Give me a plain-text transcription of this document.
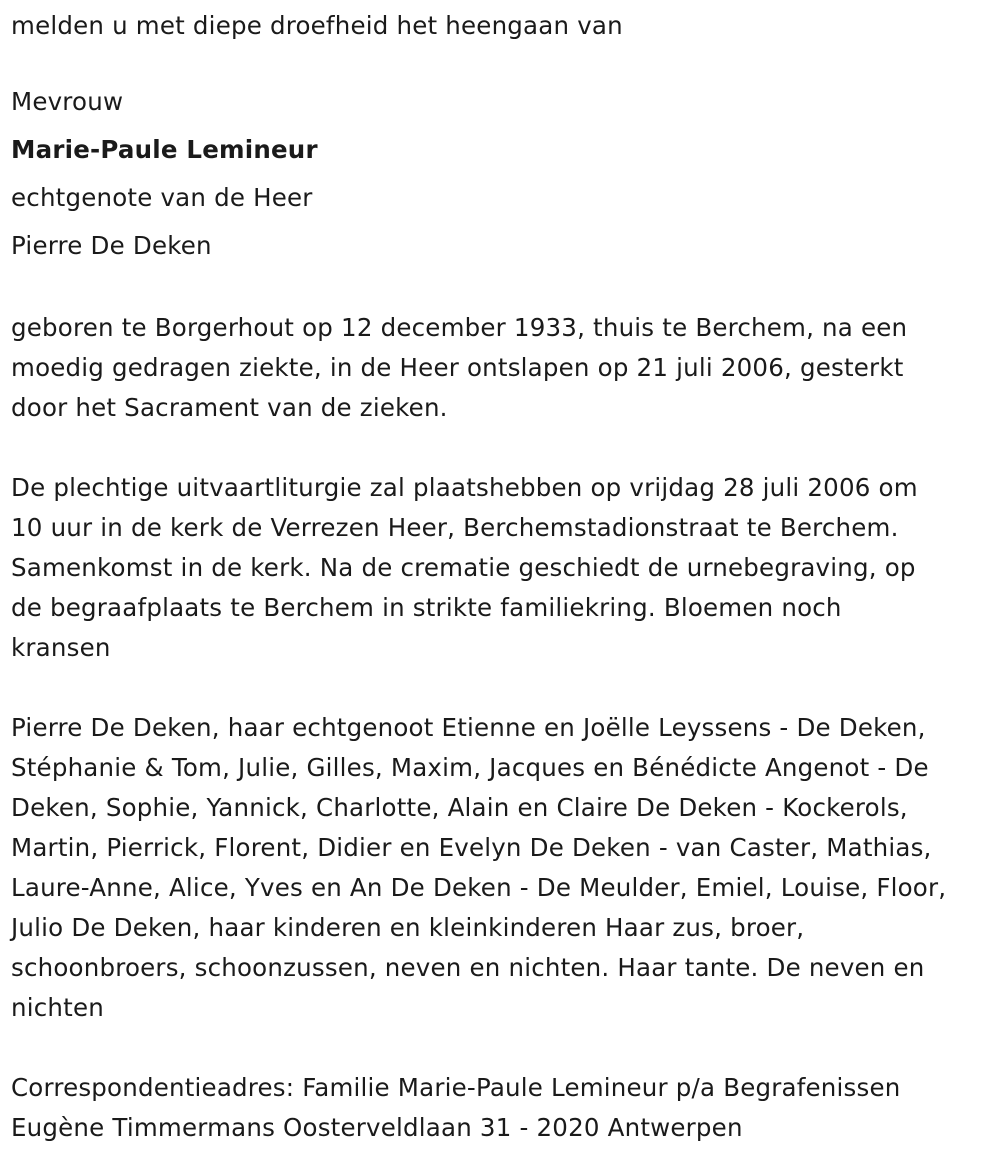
melden u met diepe droefheid het heengaan van
Mevrouw
Marie-Paule Lemineur
echtgenote van de Heer
Pierre De Deken
geboren te Borgerhout op 12 december 1933, thuis te Berchem, na een
moedig gedragen ziekte, in de Heer ontslapen op 21 juli 2006, gesterkt
door het Sacrament van de zieken.
De plechtige uitvaartliturgie zal plaatshebben op vrijdag 28 juli 2006 om
10 uur in de kerk de Verrezen Heer, Berchemstadionstraat te Berchem.
Samenkomst in de kerk. Na de crematie geschiedt de urnebegraving, op
de begraafplaats te Berchem in strikte familiekring. Bloemen noch
kransen
Pierre De Deken, haar echtgenoot Etienne en Joëlle Leyssens - De Deken,
Stéphanie & Tom, Julie, Gilles, Maxim, Jacques en Bénédicte Angenot - De
Deken, Sophie, Yannick, Charlotte, Alain en Claire De Deken - Kockerols,
Martin, Pierrick, Florent, Didier en Evelyn De Deken - van Caster, Mathias,
Laure-Anne, Alice, Yves en An De Deken - De Meulder, Emiel, Louise, Floor,
Julio De Deken, haar kinderen en kleinkinderen Haar zus, broer,
schoonbroers, schoonzussen, neven en nichten. Haar tante. De neven en
nichten
Correspondentieadres: Familie Marie-Paule Lemineur p/a Begrafenissen
Eugène Timmermans Oosterveldlaan 31 - 2020 Antwerpen
